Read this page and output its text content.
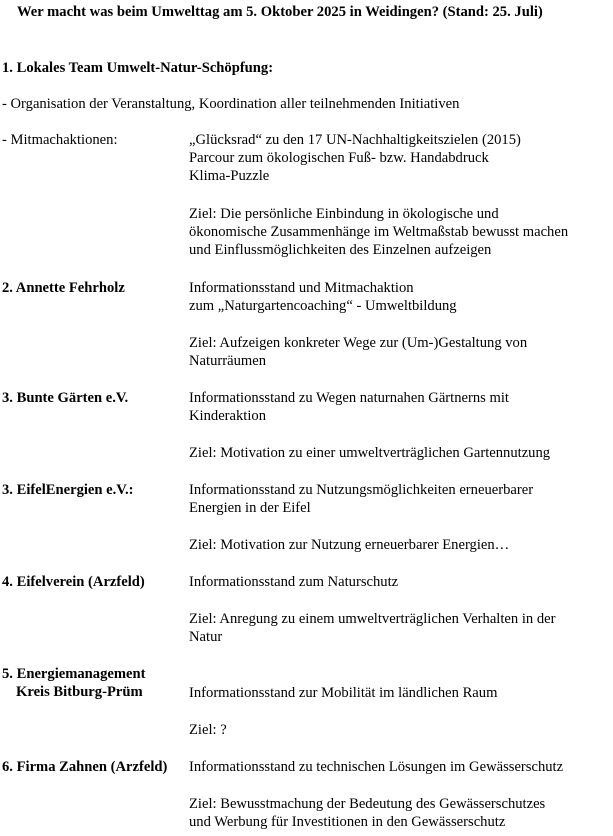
Wer macht was beim Umwelttag am 5. Oktober 2025 in Weidingen? (Stand: 25. Juli)
1. Lokales Team Umwelt-Natur-Schöpfung:
- Organisation der Veranstaltung, Koordination aller teilnehmenden Initiativen
- Mitmachaktionen:	„Glücksrad“ zu den 17 UN-Nachhaltigkeitszielen (2015)
Parcour zum ökologischen Fuß- bzw. Handabdruck
Klima-Puzzle
Ziel: Die persönliche Einbindung in ökologische und
ökonomische Zusammenhänge im Weltmaßstab bewusst machen
und Einflussmöglichkeiten des Einzelnen aufzeigen
2. Annette Fehrholz	Informationsstand und Mitmachaktion
zum „Naturgartencoaching“ - Umweltbildung
Ziel: Aufzeigen konkreter Wege zur (Um-)Gestaltung von
Naturräumen
3. Bunte Gärten e.V.	Informationsstand zu Wegen naturnahen Gärtnerns mit
Kinderaktion
Ziel: Motivation zu einer umweltverträglichen Gartennutzung
3. EifelEnergien e.V.:	Informationsstand zu Nutzungsmöglichkeiten erneuerbarer
Energien in der Eifel
Ziel: Motivation zur Nutzung erneuerbarer Energien…
4. Eifelverein (Arzfeld)	Informationsstand zum Naturschutz
Ziel: Anregung zu einem umweltverträglichen Verhalten in der
Natur
5. Energiemanagement
Kreis Bitburg-Prüm	Informationsstand zur Mobilität im ländlichen Raum
Ziel: ?
6. Firma Zahnen (Arzfeld) Informationsstand zu technischen Lösungen im Gewässerschutz
Ziel: Bewusstmachung der Bedeutung des Gewässerschutzes
und Werbung für Investitionen in den Gewässerschutz
